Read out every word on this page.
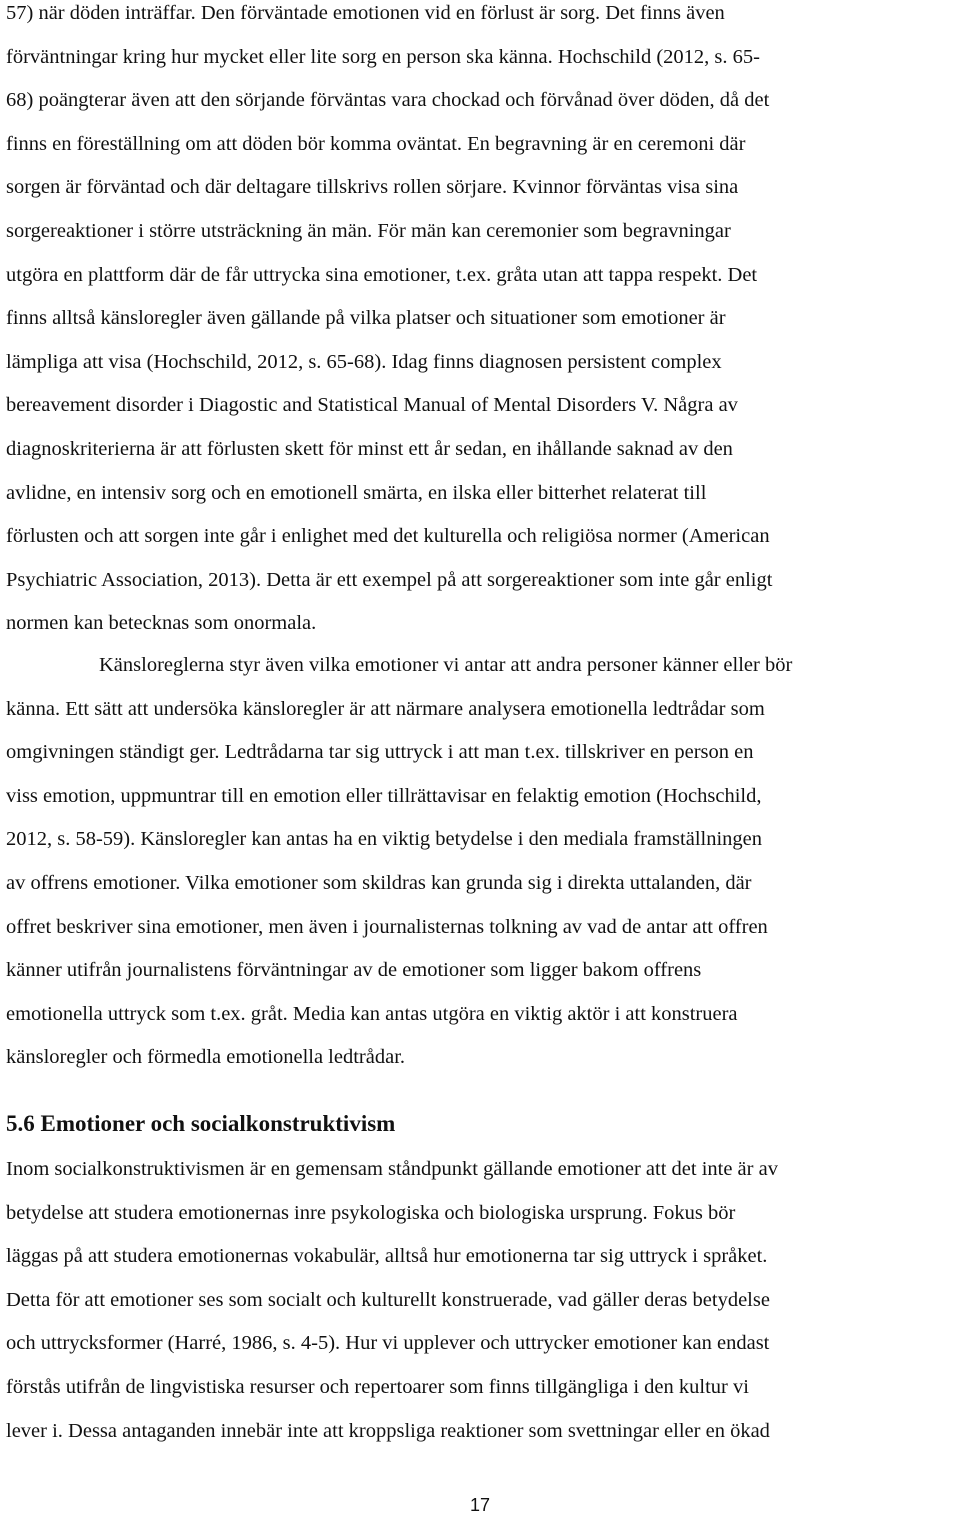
57) när döden inträffar. Den förväntade emotionen vid en förlust är sorg. Det finns även
förväntningar kring hur mycket eller lite sorg en person ska känna. Hochschild (2012, s. 65-
68) poängterar även att den sörjande förväntas vara chockad och förvånad över döden, då det
finns en föreställning om att döden bör komma oväntat. En begravning är en ceremoni där
sorgen är förväntad och där deltagare tillskrivs rollen sörjare. Kvinnor förväntas visa sina
sorgereaktioner i större utsträckning än män. För män kan ceremonier som begravningar
utgöra en plattform där de får uttrycka sina emotioner, t.ex. gråta utan att tappa respekt. Det
finns alltså känsloregler även gällande på vilka platser och situationer som emotioner är
lämpliga att visa (Hochschild, 2012, s. 65-68). Idag finns diagnosen persistent complex
bereavement disorder i Diagostic and Statistical Manual of Mental Disorders V. Några av
diagnoskriterierna är att förlusten skett för minst ett år sedan, en ihållande saknad av den
avlidne, en intensiv sorg och en emotionell smärta, en ilska eller bitterhet relaterat till
förlusten och att sorgen inte går i enlighet med det kulturella och religiösa normer (American
Psychiatric Association, 2013). Detta är ett exempel på att sorgereaktioner som inte går enligt
normen kan betecknas som onormala.
Känsloreglerna styr även vilka emotioner vi antar att andra personer känner eller bör
känna. Ett sätt att undersöka känsloregler är att närmare analysera emotionella ledtrådar som
omgivningen ständigt ger. Ledtrådarna tar sig uttryck i att man t.ex. tillskriver en person en
viss emotion, uppmuntrar till en emotion eller tillrättavisar en felaktig emotion (Hochschild,
2012, s. 58-59). Känsloregler kan antas ha en viktig betydelse i den mediala framställningen
av offrens emotioner. Vilka emotioner som skildras kan grunda sig i direkta uttalanden, där
offret beskriver sina emotioner, men även i journalisternas tolkning av vad de antar att offren
känner utifrån journalistens förväntningar av de emotioner som ligger bakom offrens
emotionella uttryck som t.ex. gråt. Media kan antas utgöra en viktig aktör i att konstruera
känsloregler och förmedla emotionella ledtrådar.
5.6 Emotioner och socialkonstruktivism
Inom socialkonstruktivismen är en gemensam ståndpunkt gällande emotioner att det inte är av
betydelse att studera emotionernas inre psykologiska och biologiska ursprung. Fokus bör
läggas på att studera emotionernas vokabulär, alltså hur emotionerna tar sig uttryck i språket.
Detta för att emotioner ses som socialt och kulturellt konstruerade, vad gäller deras betydelse
och uttrycksformer (Harré, 1986, s. 4-5). Hur vi upplever och uttrycker emotioner kan endast
förstås utifrån de lingvistiska resurser och repertoarer som finns tillgängliga i den kultur vi
lever i. Dessa antaganden innebär inte att kroppsliga reaktioner som svettningar eller en ökad
17
